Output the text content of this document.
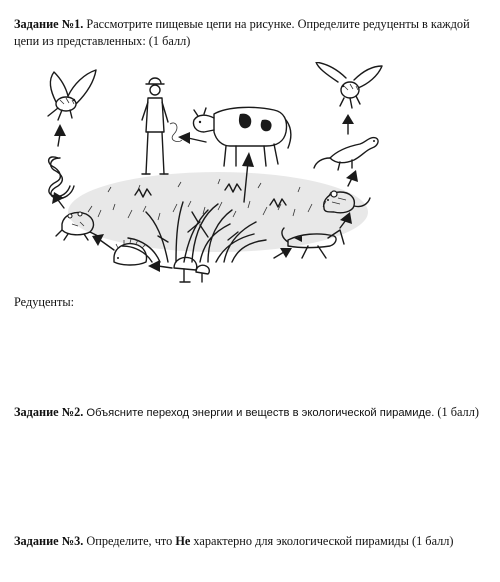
Задание №1. Рассмотрите пищевые цепи на рисунке. Определите редуценты в каждой цепи из представленных: (1 балл)
Редуценты:
Задание №2. Объясните переход энергии и веществ в экологической пирамиде. (1 балл)
Задание №3. Определите, что Не характерно для экологической пирамиды (1 балл)
